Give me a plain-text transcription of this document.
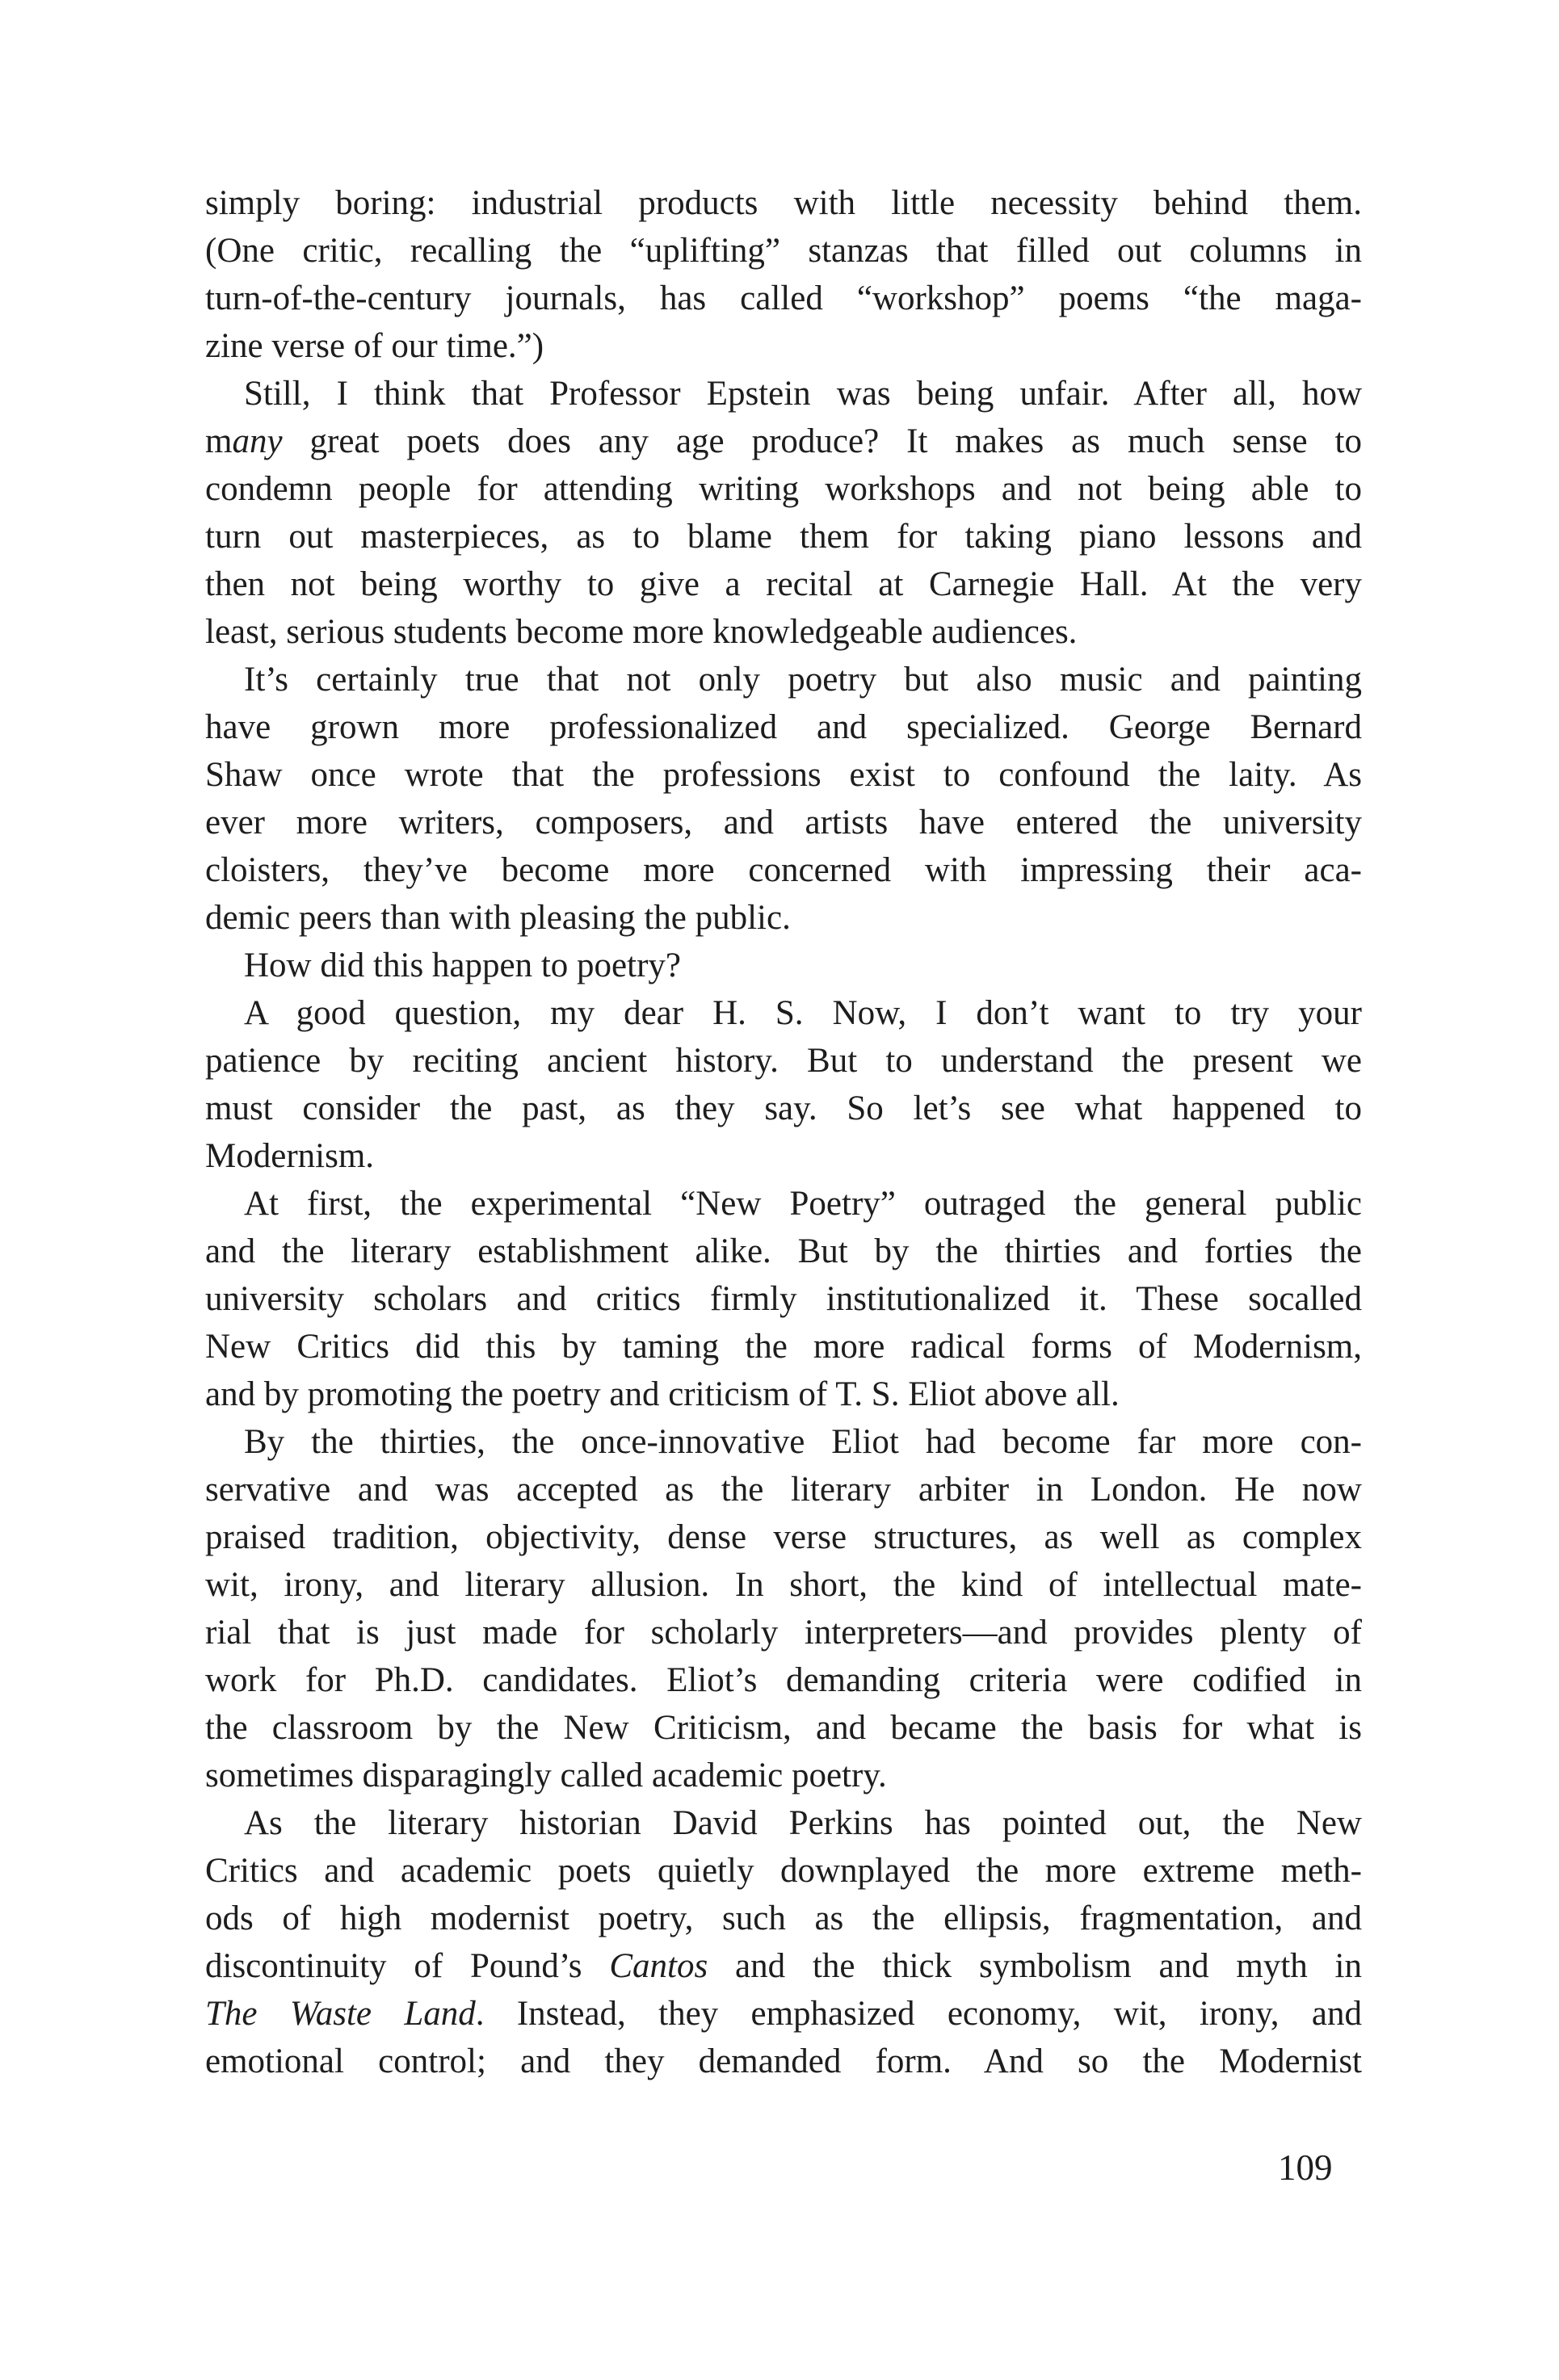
simply boring: industrial products with little necessity behind them.
(One critic, recalling the “uplifting” stanzas that filled out columns in
turn-of-the-century journals, has called “workshop” poems “the maga-
zine verse of our time.”)
Still, I think that Professor Epstein was being unfair. After all, how
many great poets does any age produce? It makes as much sense to
condemn people for attending writing workshops and not being able to
turn out masterpieces, as to blame them for taking piano lessons and
then not being worthy to give a recital at Carnegie Hall. At the very
least, serious students become more knowledgeable audiences.
It’s certainly true that not only poetry but also music and painting
have grown more professionalized and specialized. George Bernard
Shaw once wrote that the professions exist to confound the laity. As
ever more writers, composers, and artists have entered the university
cloisters, they’ve become more concerned with impressing their aca-
demic peers than with pleasing the public.
How did this happen to poetry?
A good question, my dear H. S. Now, I don’t want to try your
patience by reciting ancient history. But to understand the present we
must consider the past, as they say. So let’s see what happened to
Modernism.
At first, the experimental “New Poetry” outraged the general public
and the literary establishment alike. But by the thirties and forties the
university scholars and critics firmly institutionalized it. These socalled
New Critics did this by taming the more radical forms of Modernism,
and by promoting the poetry and criticism of T. S. Eliot above all.
By the thirties, the once-innovative Eliot had become far more con-
servative and was accepted as the literary arbiter in London. He now
praised tradition, objectivity, dense verse structures, as well as complex
wit, irony, and literary allusion. In short, the kind of intellectual mate-
rial that is just made for scholarly interpreters—and provides plenty of
work for Ph.D. candidates. Eliot’s demanding criteria were codified in
the classroom by the New Criticism, and became the basis for what is
sometimes disparagingly called academic poetry.
As the literary historian David Perkins has pointed out, the New
Critics and academic poets quietly downplayed the more extreme meth-
ods of high modernist poetry, such as the ellipsis, fragmentation, and
discontinuity of Pound’s Cantos and the thick symbolism and myth in
The Waste Land. Instead, they emphasized economy, wit, irony, and
emotional control; and they demanded form. And so the Modernist
109
